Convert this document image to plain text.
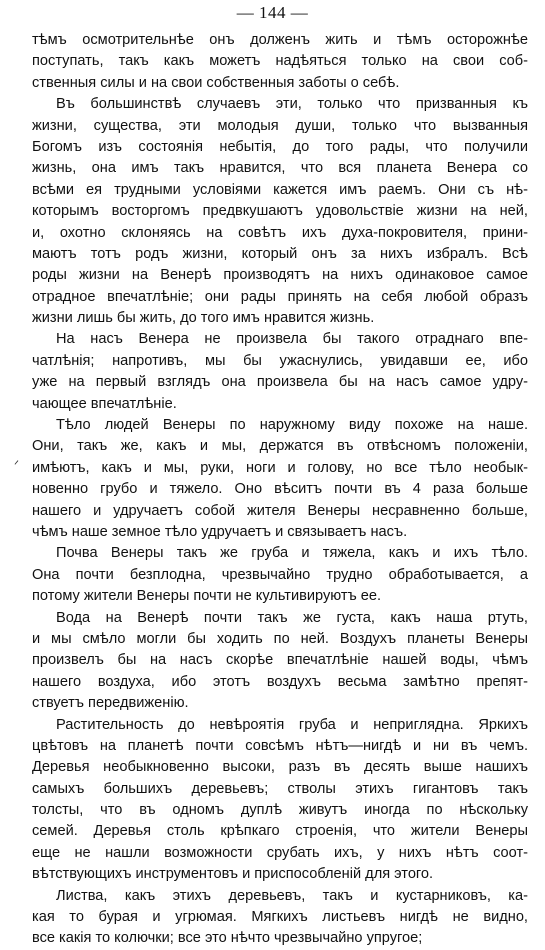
— 144 —
ᐟ
тѣмъ осмотрительнѣе онъ долженъ жить и тѣмъ осторожнѣе
поступать, такъ какъ можетъ надѣяться только на свои соб-
ственныя силы и на свои собственныя заботы о себѣ.
Въ большинствѣ случаевъ эти, только что призванныя къ
жизни, существа, эти молодыя души, только что вызванныя
Богомъ изъ состоянія небытія, до того рады, что получили
жизнь, она имъ такъ нравится, что вся планета Венера со
всѣми ея трудными условіями кажется имъ раемъ. Они съ нѣ-
которымъ восторгомъ предвкушаютъ удовольствіе жизни на ней,
и, охотно склоняясь на совѣтъ ихъ духа-покровителя, прини-
маютъ тотъ родъ жизни, который онъ за нихъ избралъ. Всѣ
роды жизни на Венерѣ производятъ на нихъ одинаковое самое
отрадное впечатлѣніе; они рады принять на себя любой образъ
жизни лишь бы жить, до того имъ нравится жизнь.
На насъ Венера не произвела бы такого отраднаго впе-
чатлѣнія; напротивъ, мы бы ужаснулись, увидавши ее, ибо
уже на первый взглядъ она произвела бы на насъ самое удру-
чающее впечатлѣніе.
Тѣло людей Венеры по наружному виду похоже на наше.
Они, такъ же, какъ и мы, держатся въ отвѣсномъ положеніи,
имѣютъ, какъ и мы, руки, ноги и голову, но все тѣло необык-
новенно грубо и тяжело. Оно вѣситъ почти въ 4 раза больше
нашего и удручаетъ собой жителя Венеры несравненно больше,
чѣмъ наше земное тѣло удручаетъ и связываетъ насъ.
Почва Венеры такъ же груба и тяжела, какъ и ихъ тѣло.
Она почти безплодна, чрезвычайно трудно обработывается, а
потому жители Венеры почти не культивируютъ ее.
Вода на Венерѣ почти такъ же густа, какъ наша ртуть,
и мы смѣло могли бы ходить по ней. Воздухъ планеты Венеры
произвелъ бы на насъ скорѣе впечатлѣніе нашей воды, чѣмъ
нашего воздуха, ибо этотъ воздухъ весьма замѣтно препят-
ствуетъ передвиженію.
Растительность до невѣроятія груба и неприглядна. Яркихъ
цвѣтовъ на планетѣ почти совсѣмъ нѣтъ—нигдѣ и ни въ чемъ.
Деревья необыкновенно высоки, разъ въ десять выше нашихъ
самыхъ большихъ деревьевъ; стволы этихъ гигантовъ такъ
толсты, что въ одномъ дуплѣ живутъ иногда по нѣскольку
семей. Деревья столь крѣпкаго строенія, что жители Венеры
еще не нашли возможности срубать ихъ, у нихъ нѣтъ соот-
вѣтствующихъ инструментовъ и приспособленій для этого.
Листва, какъ этихъ деревьевъ, такъ и кустарниковъ, ка-
кая то бурая и угрюмая. Мягкихъ листьевъ нигдѣ не видно,
все какія то колючки; все это нѣчто чрезвычайно упругое;
